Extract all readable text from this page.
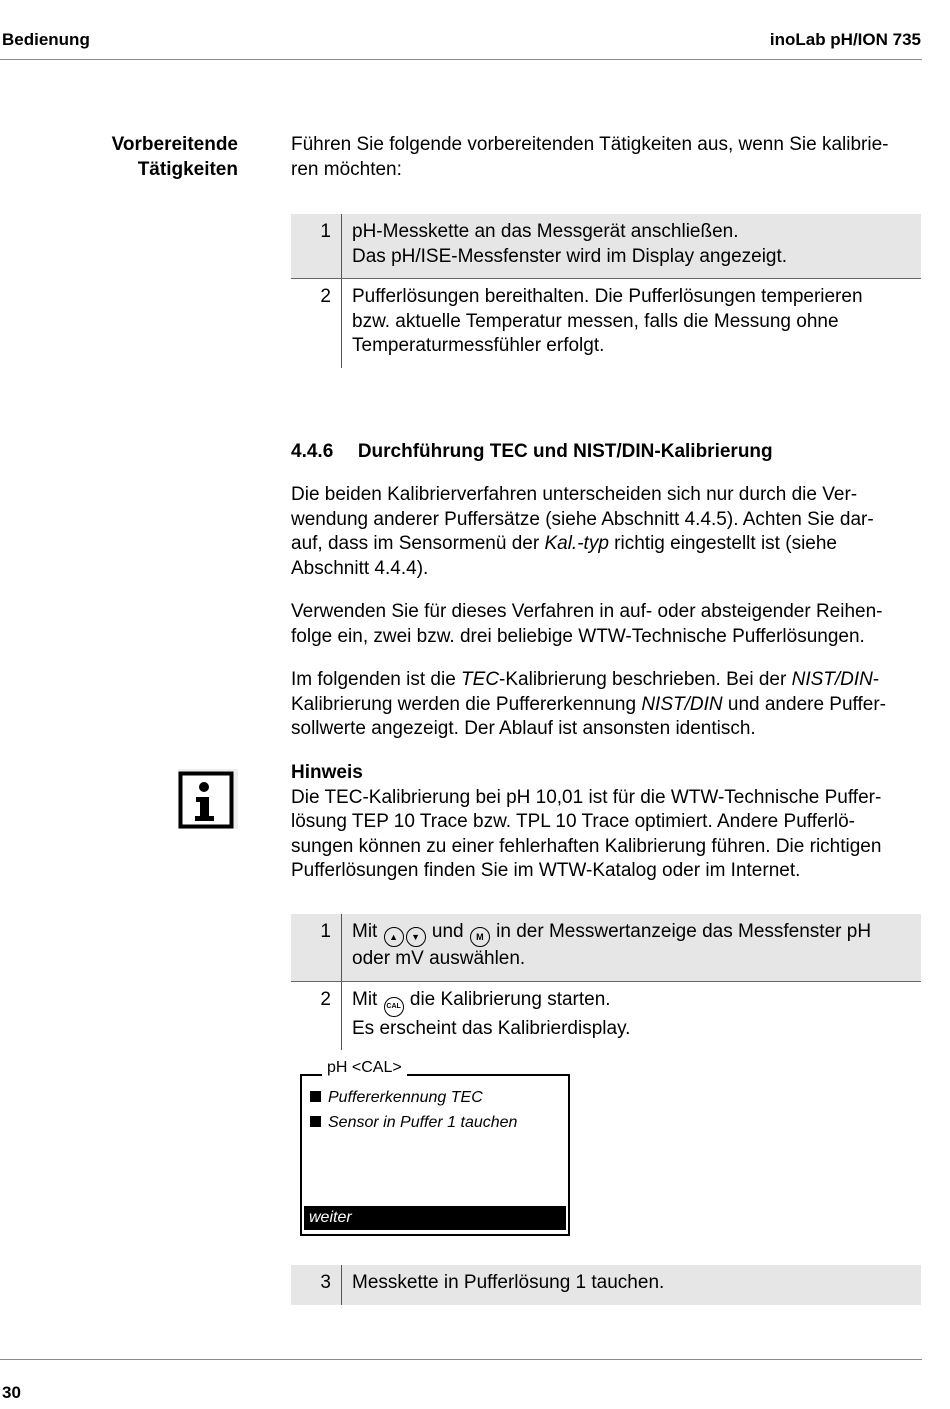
Bedienung	inoLab pH/ION 735
Vorbereitende
Tätigkeiten
Führen Sie folgende vorbereitenden Tätigkeiten aus, wenn Sie kalibrie-
ren möchten:
1	pH-Messkette an das Messgerät anschließen.
Das pH/ISE-Messfenster wird im Display angezeigt.

2	Pufferlösungen bereithalten. Die Pufferlösungen temperieren
bzw. aktuelle Temperatur messen, falls die Messung ohne
Temperaturmessfühler erfolgt.
4.4.6 Durchführung TEC und NIST/DIN-Kalibrierung
Die beiden Kalibrierverfahren unterscheiden sich nur durch die Ver-
wendung anderer Puffersätze (siehe Abschnitt 4.4.5). Achten Sie dar-
auf, dass im Sensormenü der Kal.-typ richtig eingestellt ist (siehe
Abschnitt 4.4.4).
Verwenden Sie für dieses Verfahren in auf- oder absteigender Reihen-
folge ein, zwei bzw. drei beliebige WTW-Technische Pufferlösungen.
Im folgenden ist die TEC-Kalibrierung beschrieben. Bei der NIST/DIN-
Kalibrierung werden die Puffererkennung NIST/DIN und andere Puffer-
sollwerte angezeigt. Der Ablauf ist ansonsten identisch.
Hinweis
Die TEC-Kalibrierung bei pH 10,01 ist für die WTW-Technische Puffer-
lösung TEP 10 Trace bzw. TPL 10 Trace optimiert. Andere Pufferlö-
sungen können zu einer fehlerhaften Kalibrierung führen. Die richtigen
Pufferlösungen finden Sie im WTW-Katalog oder im Internet.
1	Mit ▲ ▼ und M in der Messwertanzeige das Messfenster pH
oder mV auswählen.

2	Mit CAL die Kalibrierung starten.
Es erscheint das Kalibrierdisplay.
Puffererkennung TEC
Sensor in Puffer 1 tauchen
weiter
pH <CAL>
3	Messkette in Pufferlösung 1 tauchen.
30
